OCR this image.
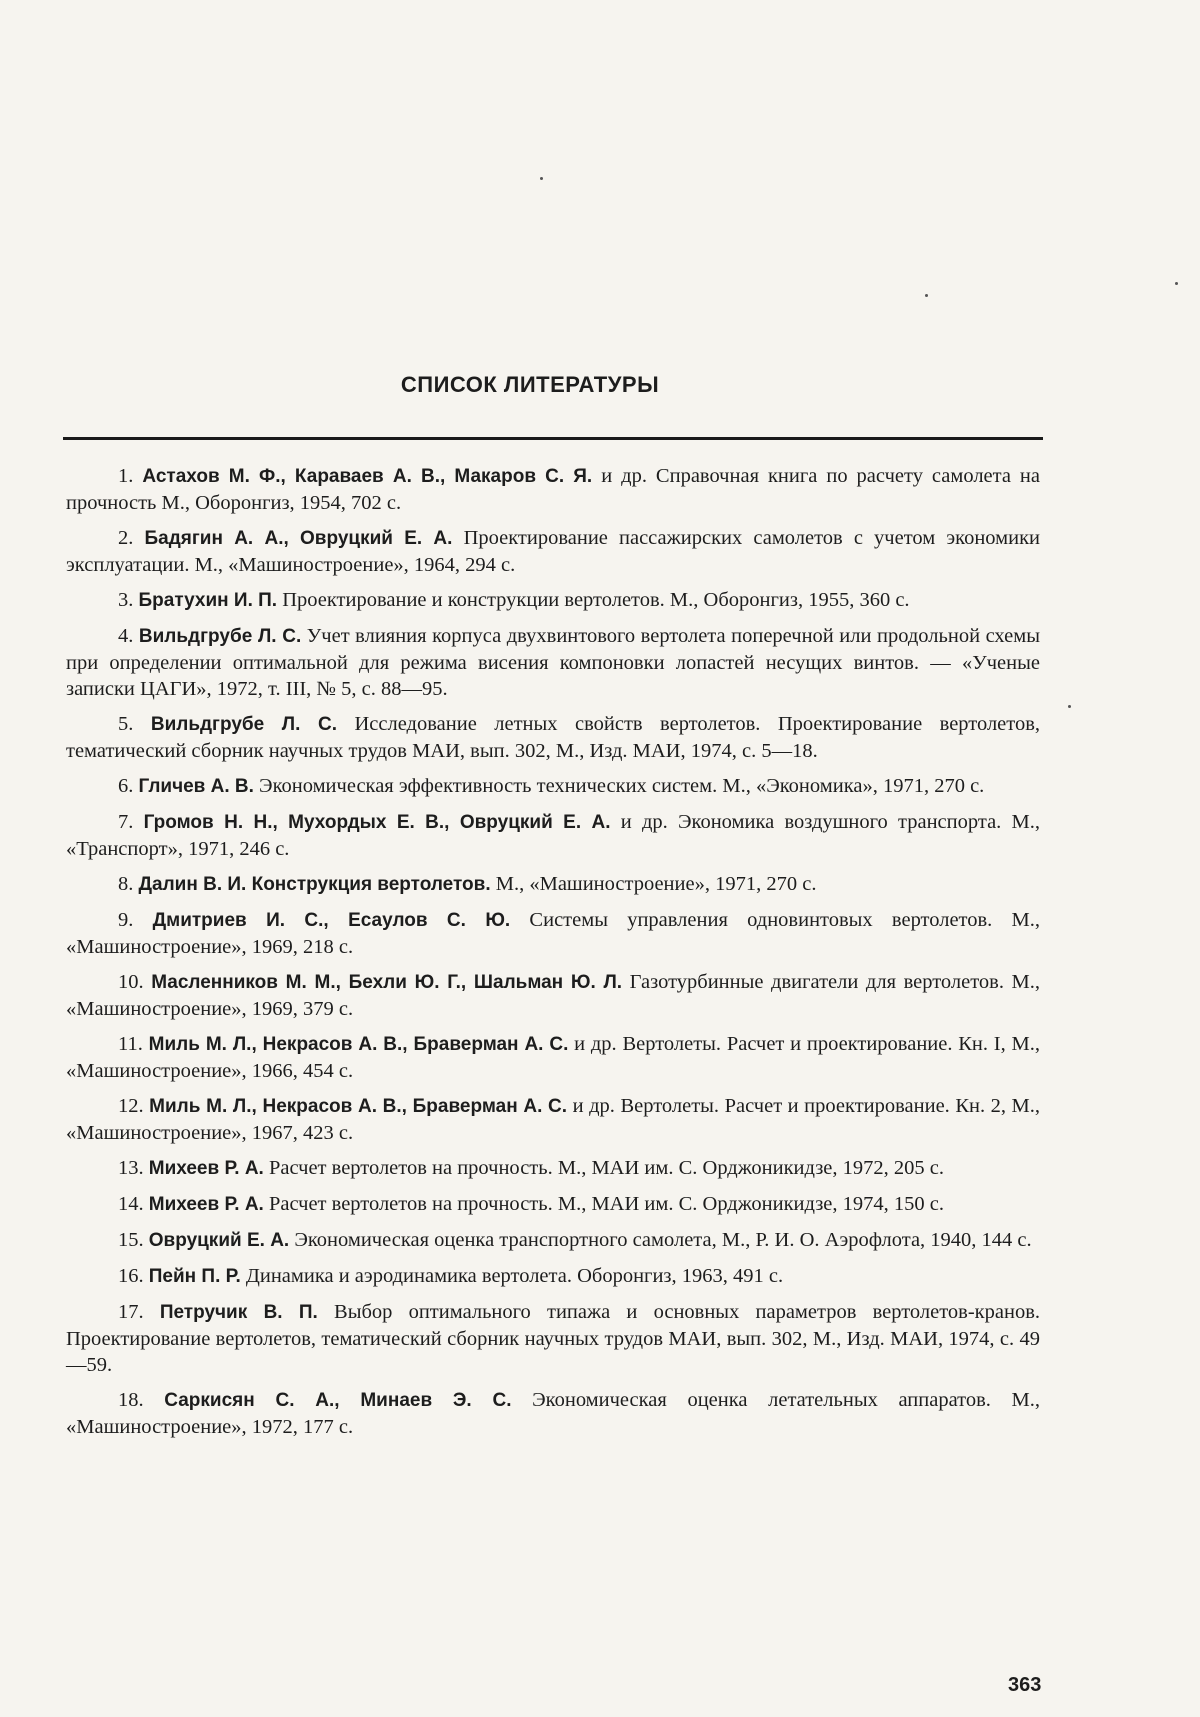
СПИСОК ЛИТЕРАТУРЫ
1. Астахов М. Ф., Караваев А. В., Макаров С. Я. и др. Справочная книга по расчету самолета на прочность М., Оборонгиз, 1954, 702 с.
2. Бадягин А. А., Овруцкий Е. А. Проектирование пассажирских самолетов с учетом экономики эксплуатации. М., «Машиностроение», 1964, 294 с.
3. Братухин И. П. Проектирование и конструкции вертолетов. М., Оборонгиз, 1955, 360 с.
4. Вильдгрубе Л. С. Учет влияния корпуса двухвинтового вертолета поперечной или продольной схемы при определении оптимальной для режима висения компоновки лопастей несущих винтов. — «Ученые записки ЦАГИ», 1972, т. III, № 5, с. 88—95.
5. Вильдгрубе Л. С. Исследование летных свойств вертолетов. Проектирование вертолетов, тематический сборник научных трудов МАИ, вып. 302, М., Изд. МАИ, 1974, с. 5—18.
6. Гличев А. В. Экономическая эффективность технических систем. М., «Экономика», 1971, 270 с.
7. Громов Н. Н., Мухордых Е. В., Овруцкий Е. А. и др. Экономика воздушного транспорта. М., «Транспорт», 1971, 246 с.
8. Далин В. И. Конструкция вертолетов. М., «Машиностроение», 1971, 270 с.
9. Дмитриев И. С., Есаулов С. Ю. Системы управления одновинтовых вертолетов. М., «Машиностроение», 1969, 218 с.
10. Масленников М. М., Бехли Ю. Г., Шальман Ю. Л. Газотурбинные двигатели для вертолетов. М., «Машиностроение», 1969, 379 с.
11. Миль М. Л., Некрасов А. В., Браверман А. С. и др. Вертолеты. Расчет и проектирование. Кн. I, М., «Машиностроение», 1966, 454 с.
12. Миль М. Л., Некрасов А. В., Браверман А. С. и др. Вертолеты. Расчет и проектирование. Кн. 2, М., «Машиностроение», 1967, 423 с.
13. Михеев Р. А. Расчет вертолетов на прочность. М., МАИ им. С. Орджоникидзе, 1972, 205 с.
14. Михеев Р. А. Расчет вертолетов на прочность. М., МАИ им. С. Орджоникидзе, 1974, 150 с.
15. Овруцкий Е. А. Экономическая оценка транспортного самолета, М., Р. И. О. Аэрофлота, 1940, 144 с.
16. Пейн П. Р. Динамика и аэродинамика вертолета. Оборонгиз, 1963, 491 с.
17. Петручик В. П. Выбор оптимального типажа и основных параметров вертолетов-кранов. Проектирование вертолетов, тематический сборник научных трудов МАИ, вып. 302, М., Изд. МАИ, 1974, с. 49—59.
18. Саркисян С. А., Минаев Э. С. Экономическая оценка летательных аппаратов. М., «Машиностроение», 1972, 177 с.
363
